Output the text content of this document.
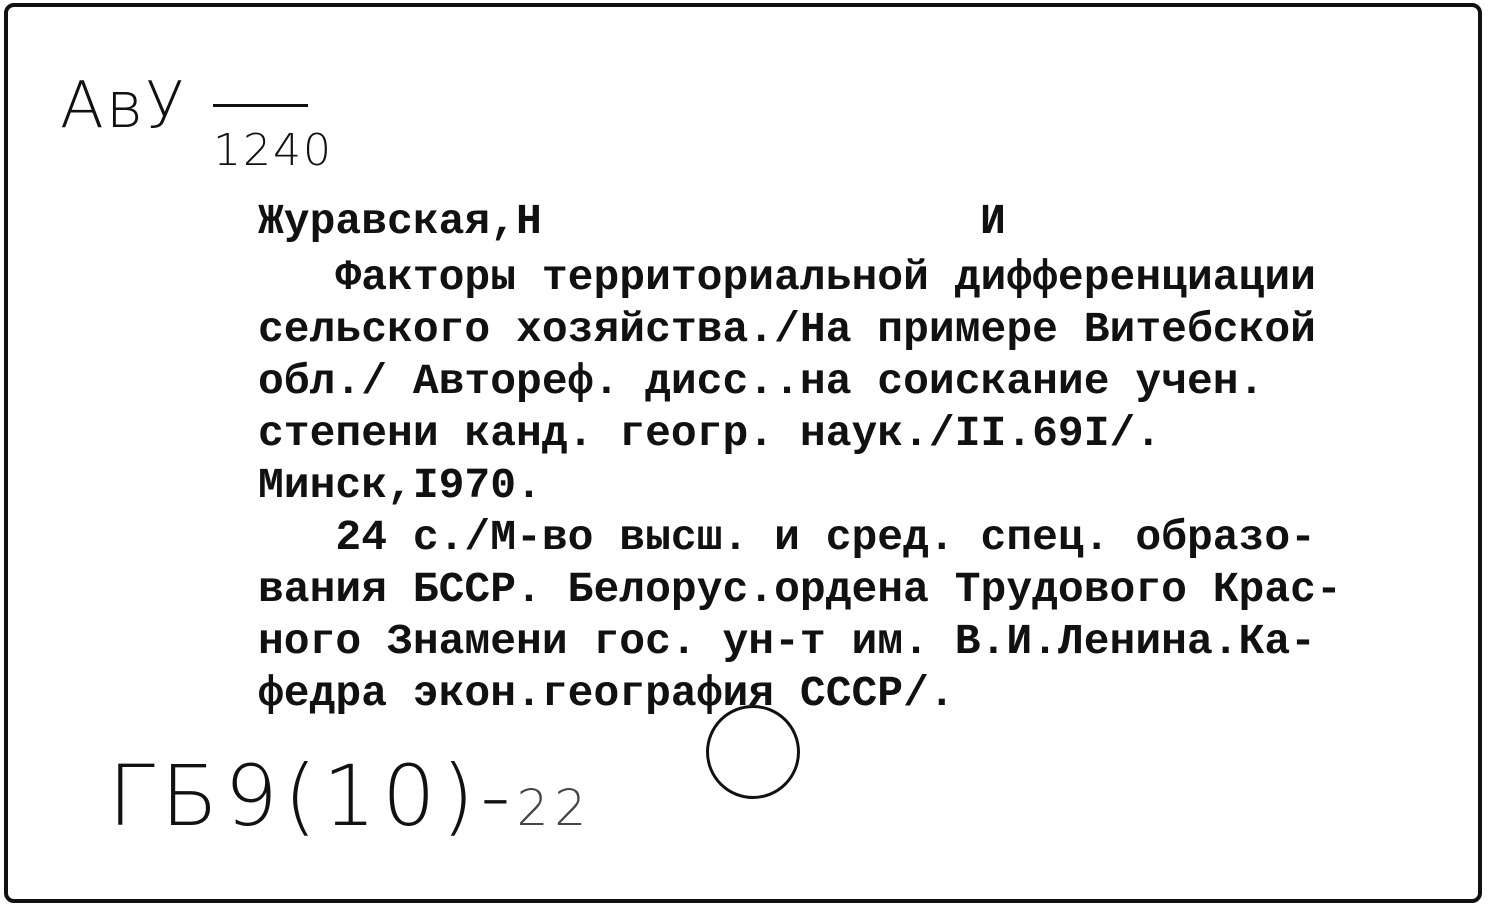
АвУ
1240
Журавская,Н	И
Факторы территориальной дифференциации
сельского хозяйства./На примере Витебской
обл./ Автореф. дисс..на соискание учен.
степени канд. геогр. наук./II.69I/.
Минск,I970.
24 с./М-во высш. и сред. спец. образо-
вания БССР. Белорус.ордена Трудового Крас-
ного Знамени гос. ун-т им. В.И.Ленина.Ка-
федра экон.география СССР/.
ГБ9(10)-22
